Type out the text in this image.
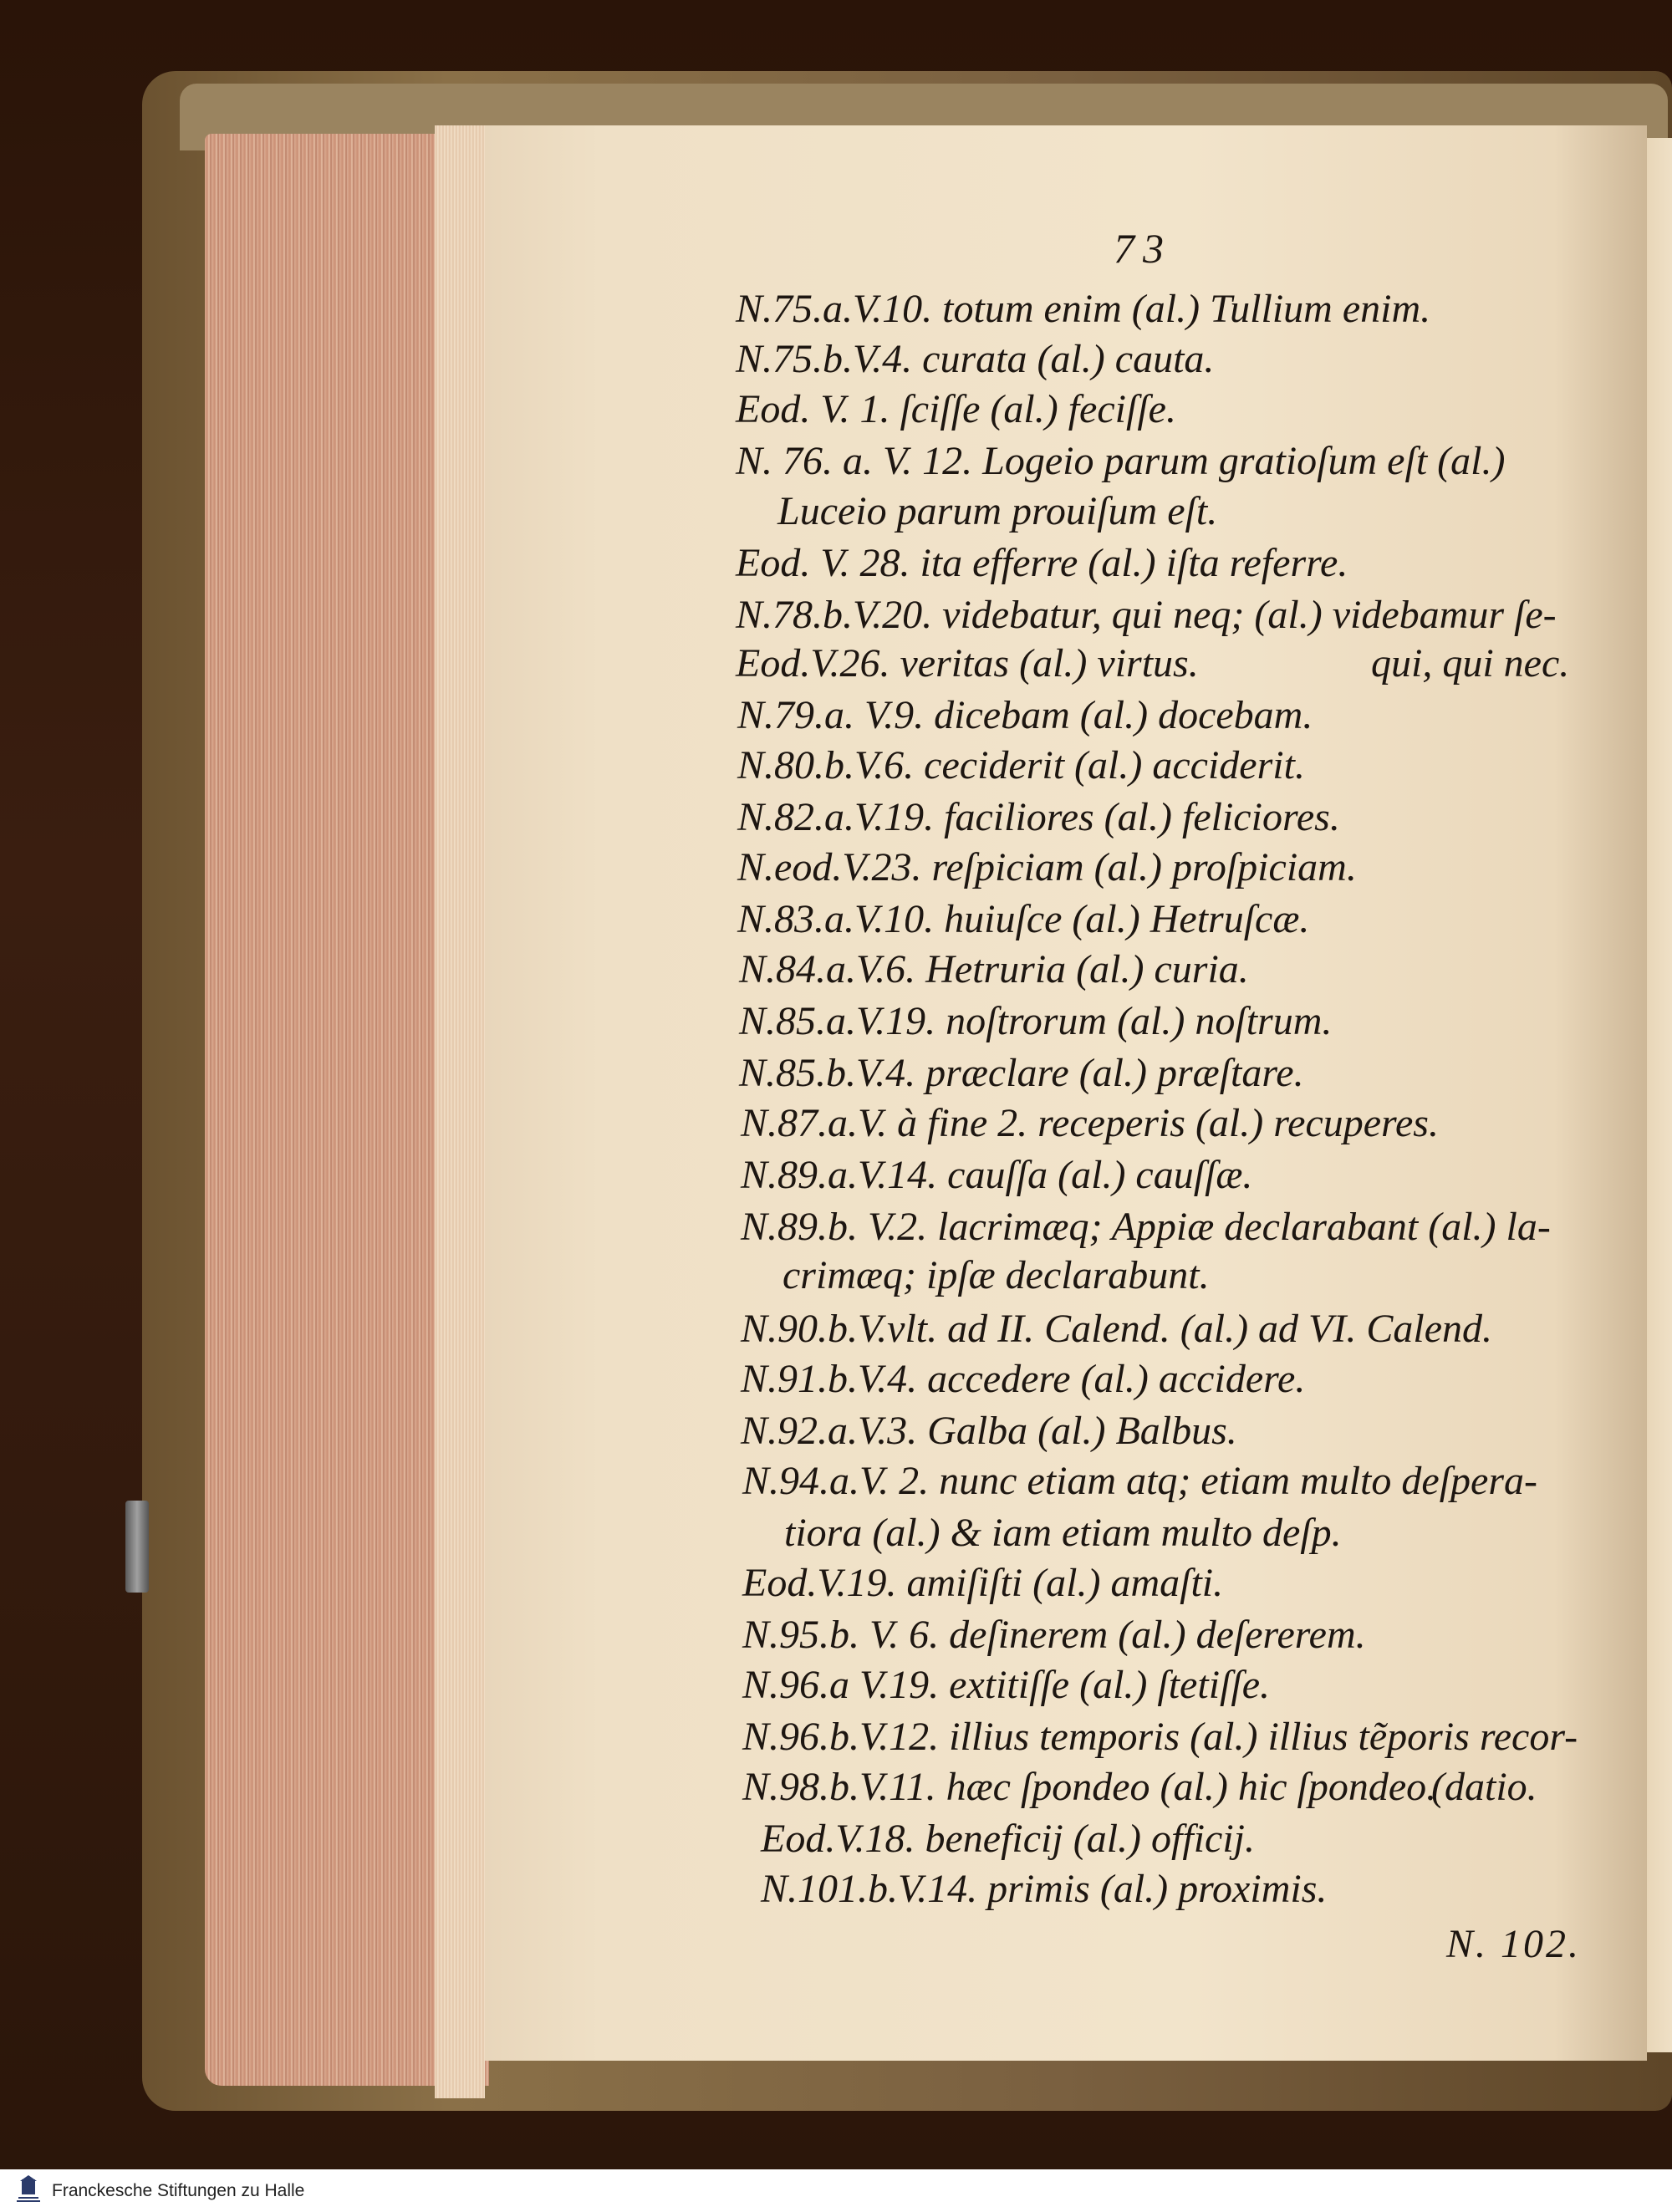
73
N.75.a.V.10. totum enim (al.) Tullium enim.
N.75.b.V.4. curata (al.) cauta.
Eod. V. 1. ſciſſe (al.) feciſſe.
N. 76. a. V. 12. Logeio parum gratioſum eſt (al.)
Luceio parum prouiſum eſt.
Eod. V. 28. ita efferre (al.) iſta referre.
N.78.b.V.20. videbatur, qui neq; (al.) videbamur ſe-
Eod.V.26. veritas (al.) virtus.	qui, qui nec.
N.79.a. V.9. dicebam (al.) docebam.
N.80.b.V.6. ceciderit (al.) acciderit.
N.82.a.V.19. faciliores (al.) feliciores.
N.eod.V.23. reſpiciam (al.) proſpiciam.
N.83.a.V.10. huiuſce (al.) Hetruſcæ.
N.84.a.V.6. Hetruria (al.) curia.
N.85.a.V.19. noſtrorum (al.) noſtrum.
N.85.b.V.4. præclare (al.) præſtare.
N.87.a.V. à fine 2. receperis (al.) recuperes.
N.89.a.V.14. cauſſa (al.) cauſſæ.
N.89.b. V.2. lacrimæq; Appiæ declarabant (al.) la-
crimæq; ipſæ declarabunt.
N.90.b.V.vlt. ad II. Calend. (al.) ad VI. Calend.
N.91.b.V.4. accedere (al.) accidere.
N.92.a.V.3. Galba (al.) Balbus.
N.94.a.V. 2. nunc etiam atq; etiam multo deſpera-
tiora (al.) & iam etiam multo deſp.
Eod.V.19. amiſiſti (al.) amaſti.
N.95.b. V. 6. deſinerem (al.) deſererem.
N.96.a V.19. extitiſſe (al.) ſtetiſſe.
N.96.b.V.12. illius temporis (al.) illius tẽporis recor-
N.98.b.V.11. hæc ſpondeo (al.) hic ſpondeo.
(datio.
Eod.V.18. beneficij (al.) officij.
N.101.b.V.14. primis (al.) proximis.
N. 102.
Franckesche Stiftungen zu Halle
